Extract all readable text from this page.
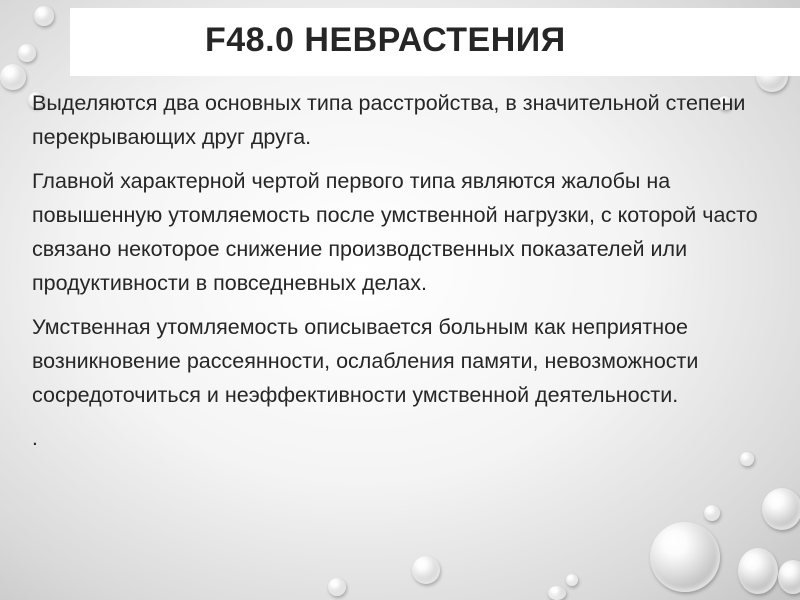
F48.0 НЕВРАСТЕНИЯ

Выделяются два основных типа расстройства, в значительной степени перекрывающих друг друга.

Главной характерной чертой первого типа являются жалобы на повышенную утомляемость после умственной нагрузки, с которой часто связано некоторое снижение производственных показателей или продуктивности в повседневных делах.

Умственная утомляемость описывается больным как неприятное возникновение рассеянности, ослабления памяти, невозможности сосредоточиться и неэффективности умственной деятельности.

.
